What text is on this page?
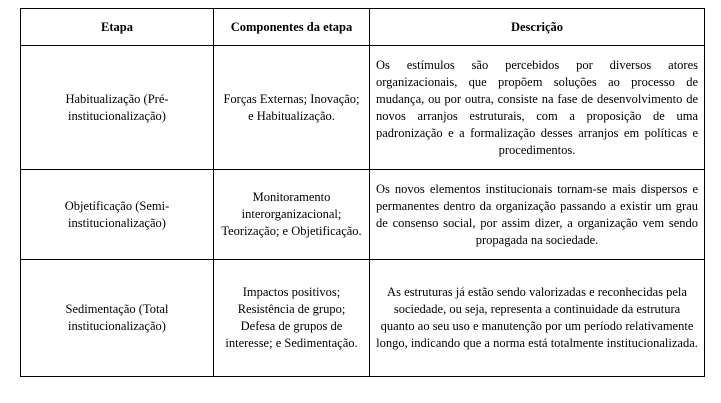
Etapa	Componentes da etapa	Descrição
Habitualização (Pré-institucionalização)	Forças Externas; Inovação; e Habitualização.	Os estímulos são percebidos por diversos atores organizacionais, que propõem soluções ao processo de mudança, ou por outra, consiste na fase de desenvolvimento de novos arranjos estruturais, com a proposição de uma padronização e a formalização desses arranjos em políticas e procedimentos.
Objetificação (Semi-institucionalização)	Monitoramento interorganizacional; Teorização; e Objetificação.	Os novos elementos institucionais tornam-se mais dispersos e permanentes dentro da organização passando a existir um grau de consenso social, por assim dizer, a organização vem sendo propagada na sociedade.
Sedimentação (Total institucionalização)	Impactos positivos; Resistência de grupo; Defesa de grupos de interesse; e Sedimentação.	As estruturas já estão sendo valorizadas e reconhecidas pela sociedade, ou seja, representa a continuidade da estrutura quanto ao seu uso e manutenção por um período relativamente longo, indicando que a norma está totalmente institucionalizada.
